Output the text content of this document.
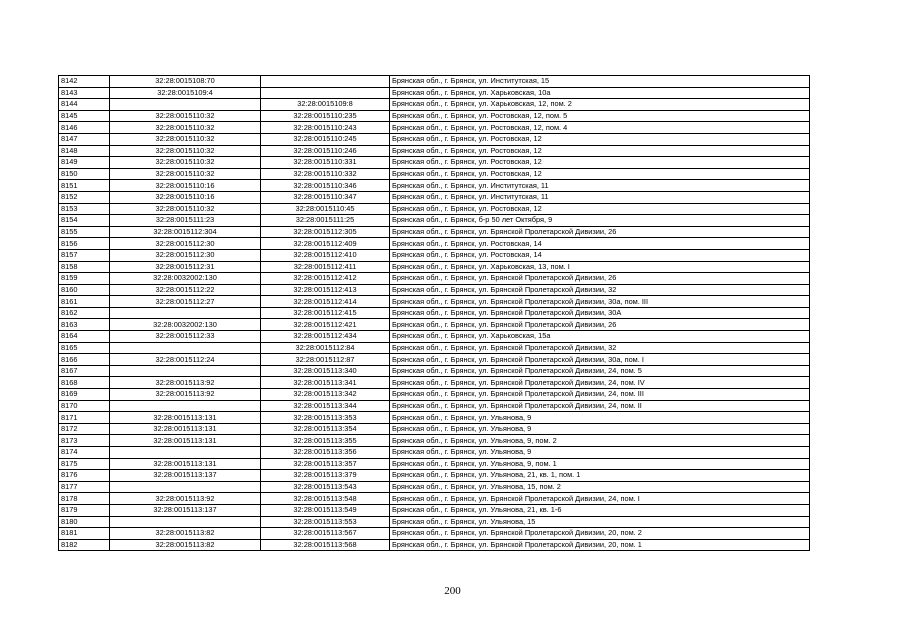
8142	32:28:0015108:70		Брянская обл., г. Брянск, ул. Институтская, 15
8143	32:28:0015109:4		Брянская обл., г. Брянск, ул. Харьковская, 10а
8144		32:28:0015109:8	Брянская обл., г. Брянск, ул. Харьковская, 12, пом. 2
8145	32:28:0015110:32	32:28:0015110:235	Брянская обл., г. Брянск, ул. Ростовская, 12, пом. 5
8146	32:28:0015110:32	32:28:0015110:243	Брянская обл., г. Брянск, ул. Ростовская, 12, пом. 4
8147	32:28:0015110:32	32:28:0015110:245	Брянская обл., г. Брянск, ул. Ростовская, 12
8148	32:28:0015110:32	32:28:0015110:246	Брянская обл., г. Брянск, ул. Ростовская, 12
8149	32:28:0015110:32	32:28:0015110:331	Брянская обл., г. Брянск, ул. Ростовская, 12
8150	32:28:0015110:32	32:28:0015110:332	Брянская обл., г. Брянск, ул. Ростовская, 12
8151	32:28:0015110:16	32:28:0015110:346	Брянская обл., г. Брянск, ул. Институтская, 11
8152	32:28:0015110:16	32:28:0015110:347	Брянская обл., г. Брянск, ул. Институтская, 11
8153	32:28:0015110:32	32:28:0015110:45	Брянская обл., г. Брянск, ул. Ростовская, 12
8154	32:28:0015111:23	32:28:0015111:25	Брянская обл., г. Брянск, б-р 50 лет Октября, 9
8155	32:28:0015112:304	32:28:0015112:305	Брянская обл., г. Брянск, ул. Брянской Пролетарской Дивизии, 26
8156	32:28:0015112:30	32:28:0015112:409	Брянская обл., г. Брянск, ул. Ростовская, 14
8157	32:28:0015112:30	32:28:0015112:410	Брянская обл., г. Брянск, ул. Ростовская, 14
8158	32:28:0015112:31	32:28:0015112:411	Брянская обл., г. Брянск, ул. Харьковская, 13, пом. I
8159	32:28:0032002:130	32:28:0015112:412	Брянская обл., г. Брянск, ул. Брянской Пролетарской Дивизии, 26
8160	32:28:0015112:22	32:28:0015112:413	Брянская обл., г. Брянск, ул. Брянской Пролетарской Дивизии, 32
8161	32:28:0015112:27	32:28:0015112:414	Брянская обл., г. Брянск, ул. Брянской Пролетарской Дивизии, 30а, пом. III
8162		32:28:0015112:415	Брянская обл., г. Брянск, ул. Брянской Пролетарской Дивизии, 30А
8163	32:28:0032002:130	32:28:0015112:421	Брянская обл., г. Брянск, ул. Брянской Пролетарской Дивизии, 26
8164	32:28:0015112:33	32:28:0015112:434	Брянская обл., г. Брянск, ул. Харьковская, 15а
8165		32:28:0015112:84	Брянская обл., г. Брянск, ул. Брянской Пролетарской Дивизии, 32
8166	32:28:0015112:24	32:28:0015112:87	Брянская обл., г. Брянск, ул. Брянской Пролетарской Дивизии, 30а, пом. I
8167		32:28:0015113:340	Брянская обл., г. Брянск, ул. Брянской Пролетарской Дивизии, 24, пом. 5
8168	32:28:0015113:92	32:28:0015113:341	Брянская обл., г. Брянск, ул. Брянской Пролетарской Дивизии, 24, пом. IV
8169	32:28:0015113:92	32:28:0015113:342	Брянская обл., г. Брянск, ул. Брянской Пролетарской Дивизии, 24, пом. III
8170		32:28:0015113:344	Брянская обл., г. Брянск, ул. Брянской Пролетарской Дивизии, 24, пом. II
8171	32:28:0015113:131	32:28:0015113:353	Брянская обл., г. Брянск, ул. Ульянова, 9
8172	32:28:0015113:131	32:28:0015113:354	Брянская обл., г. Брянск, ул. Ульянова, 9
8173	32:28:0015113:131	32:28:0015113:355	Брянская обл., г. Брянск, ул. Ульянова, 9, пом. 2
8174		32:28:0015113:356	Брянская обл., г. Брянск, ул. Ульянова, 9
8175	32:28:0015113:131	32:28:0015113:357	Брянская обл., г. Брянск, ул. Ульянова, 9, пом. 1
8176	32:28:0015113:137	32:28:0015113:379	Брянская обл., г. Брянск, ул. Ульянова, 21, кв. 1, пом. 1
8177		32:28:0015113:543	Брянская обл., г. Брянск, ул. Ульянова, 15, пом. 2
8178	32:28:0015113:92	32:28:0015113:548	Брянская обл., г. Брянск, ул. Брянской Пролетарской Дивизии, 24, пом. I
8179	32:28:0015113:137	32:28:0015113:549	Брянская обл., г. Брянск, ул. Ульянова, 21, кв. 1-6
8180		32:28:0015113:553	Брянская обл., г. Брянск, ул. Ульянова, 15
8181	32:28:0015113:82	32:28:0015113:567	Брянская обл., г. Брянск, ул. Брянской Пролетарской Дивизии, 20, пом. 2
8182	32:28:0015113:82	32:28:0015113:568	Брянская обл., г. Брянск, ул. Брянской Пролетарской Дивизии, 20, пом. 1
200
